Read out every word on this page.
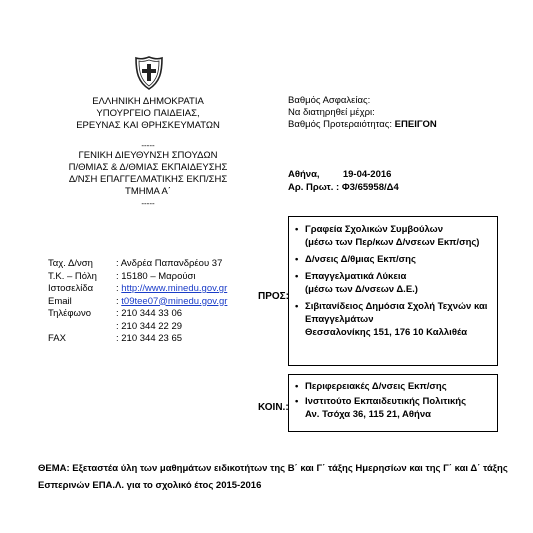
ΕΛΛΗΝΙΚΗ ΔΗΜΟΚΡΑΤΙΑ
ΥΠΟΥΡΓΕΙΟ ΠΑΙΔΕΙΑΣ,
ΕΡΕΥΝΑΣ ΚΑΙ ΘΡΗΣΚΕΥΜΑΤΩΝ
-----
ΓΕΝΙΚΗ ΔΙΕΥΘΥΝΣΗ ΣΠΟΥΔΩΝ
Π/ΘΜΙΑΣ & Δ/ΘΜΙΑΣ ΕΚΠΑΙΔΕΥΣΗΣ
Δ/ΝΣΗ ΕΠΑΓΓΕΛΜΑΤΙΚΗΣ ΕΚΠ/ΣΗΣ
ΤΜΗΜΑ Α΄
-----
Βαθμός Ασφαλείας:
Να διατηρηθεί μέχρι:
Βαθμός Προτεραιότητας: ΕΠΕΙΓΟΝ
Αθήνα, 19-04-2016
Αρ. Πρωτ. : Φ3/65958/Δ4
Ταχ. Δ/νση	: Ανδρέα Παπανδρέου 37
Τ.Κ. – Πόλη	: 15180 – Μαρούσι
Ιστοσελίδα	: http://www.minedu.gov.gr
Email	: t09tee07@minedu.gov.gr
Τηλέφωνο	: 210 344 33 06
	: 210 344 22 29
FAX	: 210 344 23 65
ΠΡΟΣ:
• Γραφεία Σχολικών Συμβούλων
(μέσω των Περ/κων Δ/νσεων Εκπ/σης)
• Δ/νσεις Δ/θμιας Εκπ/σης
• Επαγγελματικά Λύκεια
(μέσω των Δ/νσεων Δ.Ε.)
• Σιβιτανίδειος Δημόσια Σχολή Τεχνών και
Επαγγελμάτων
Θεσσαλονίκης 151, 176 10 Καλλιθέα
ΚΟΙΝ.:
• Περιφερειακές Δ/νσεις Εκπ/σης
• Ινστιτούτο Εκπαιδευτικής Πολιτικής
Αν. Τσόχα 36, 115 21, Αθήνα
ΘΕΜΑ: Εξεταστέα ύλη των μαθημάτων ειδικοτήτων της Β΄ και Γ΄ τάξης Ημερησίων και της Γ΄ και Δ΄ τάξης
Εσπερινών ΕΠΑ.Λ. για το σχολικό έτος 2015-2016
